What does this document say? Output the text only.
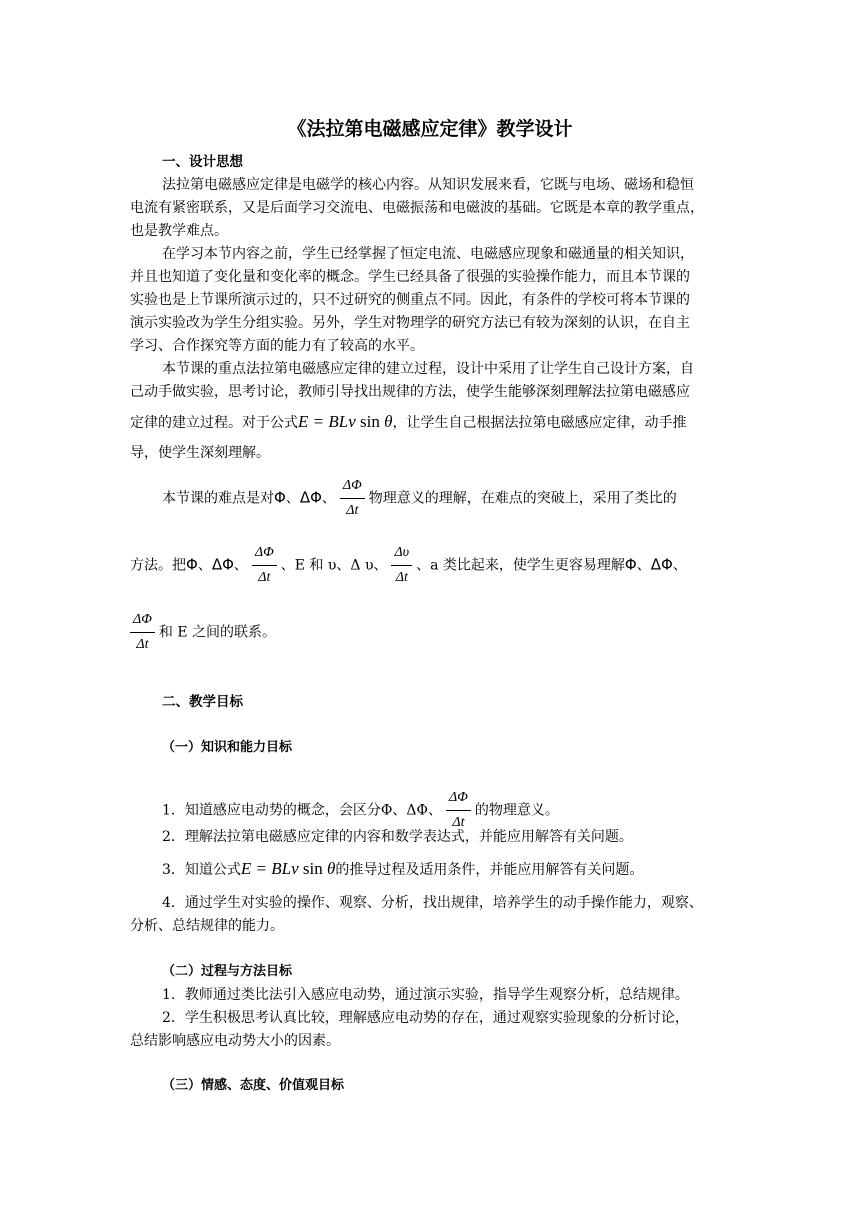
《法拉第电磁感应定律》教学设计
一、设计思想
法拉第电磁感应定律是电磁学的核心内容。从知识发展来看，它既与电场、磁场和稳恒
电流有紧密联系，又是后面学习交流电、电磁振荡和电磁波的基础。它既是本章的教学重点，
也是教学难点。
在学习本节内容之前，学生已经掌握了恒定电流、电磁感应现象和磁通量的相关知识，
并且也知道了变化量和变化率的概念。学生已经具备了很强的实验操作能力，而且本节课的
实验也是上节课所演示过的，只不过研究的侧重点不同。因此，有条件的学校可将本节课的
演示实验改为学生分组实验。另外，学生对物理学的研究方法已有较为深刻的认识，在自主
学习、合作探究等方面的能力有了较高的水平。
本节课的重点法拉第电磁感应定律的建立过程，设计中采用了让学生自己设计方案，自
己动手做实验，思考讨论，教师引导找出规律的方法，使学生能够深刻理解法拉第电磁感应
定律的建立过程。对于公式E = BLv sin θ，让学生自己根据法拉第电磁感应定律，动手推
导，使学生深刻理解。
本节课的难点是对Φ、ΔΦ、 $\frac{\Delta\Phi}{\Delta t}$ 物理意义的理解，在难点的突破上，采用了类比的
方法。把Φ、ΔΦ、 $\frac{\Delta\Phi}{\Delta t}$ 、E 和 υ、Δ υ、 $\frac{\Delta\upsilon}{\Delta t}$ 、a 类比起来，使学生更容易理解Φ、ΔΦ、
$\frac{\Delta\Phi}{\Delta t}$ 和 E 之间的联系。
二、教学目标
（一）知识和能力目标
1．知道感应电动势的概念，会区分Φ、ΔΦ、 $\frac{\Delta\Phi}{\Delta t}$ 的物理意义。
2．理解法拉第电磁感应定律的内容和数学表达式，并能应用解答有关问题。
3．知道公式E = BLv sin θ的推导过程及适用条件，并能应用解答有关问题。
4．通过学生对实验的操作、观察、分析，找出规律，培养学生的动手操作能力，观察、
分析、总结规律的能力。
（二）过程与方法目标
1．教师通过类比法引入感应电动势，通过演示实验，指导学生观察分析，总结规律。
2．学生积极思考认真比较，理解感应电动势的存在，通过观察实验现象的分析讨论，
总结影响感应电动势大小的因素。
（三）情感、态度、价值观目标
